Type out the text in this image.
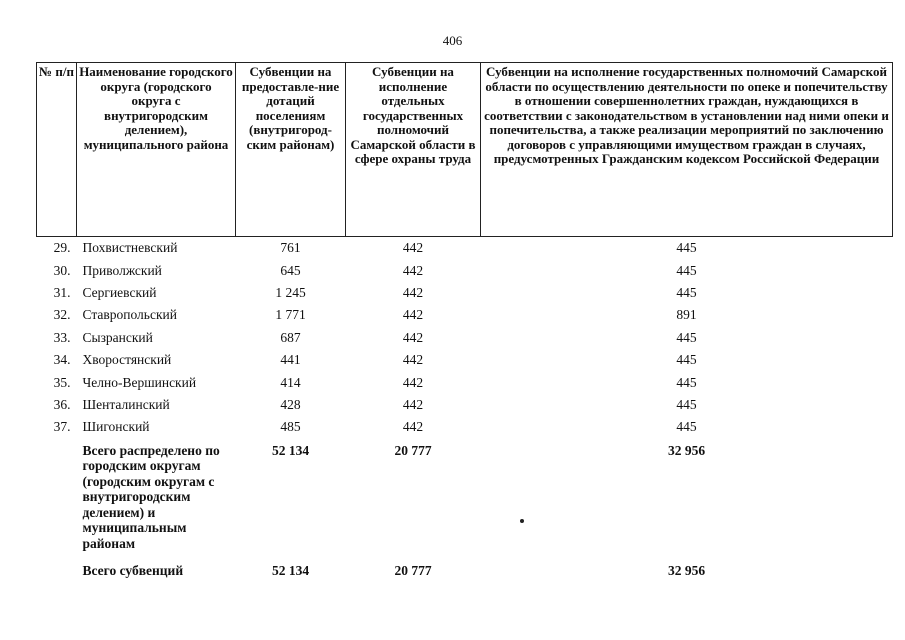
406
№ п/п	Наименование городского округа (городского округа с внутригородским делением), муниципального района	Субвенции на предоставле-ние дотаций поселениям (внутригород-ским районам)	Субвенции на исполнение отдельных государственных полномочий Самарской области в сфере охраны труда	Субвенции на исполнение государственных полномочий Самарской области по осуществлению деятельности по опеке и попечительству в отношении совершеннолетних граждан, нуждающихся в соответствии с законодательством в установлении над ними опеки и попечительства, а также реализации мероприятий по заключению договоров с управляющими имуществом граждан в случаях, предусмотренных Гражданским кодексом Российской Федерации
29.	Похвистневский	761	442	445
30.	Приволжский	645	442	445
31.	Сергиевский	1 245	442	445
32.	Ставропольский	1 771	442	891
33.	Сызранский	687	442	445
34.	Хворостянский	441	442	445
35.	Челно-Вершинский	414	442	445
36.	Шенталинский	428	442	445
37.	Шигонский	485	442	445
	Всего распределено по городским округам (городским округам с внутригородским делением) и муниципальным районам	52 134	20 777	32 956
	Всего субвенций	52 134	20 777	32 956
